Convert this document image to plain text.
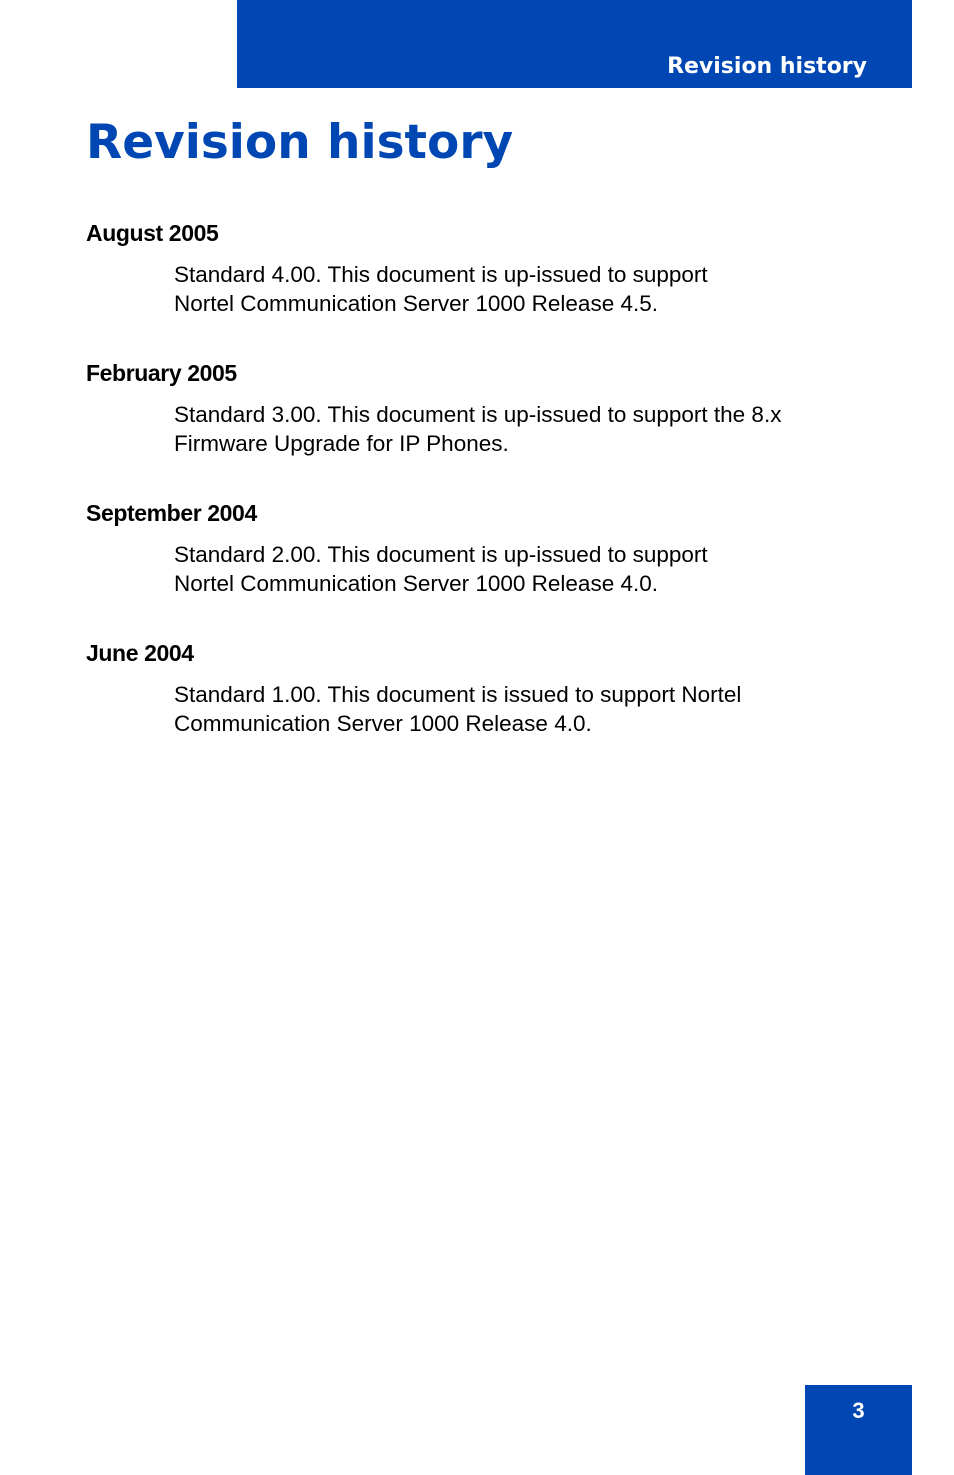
Revision history
Revision history
August 2005

Standard 4.00. This document is up-issued to support
Nortel Communication Server 1000 Release 4.5.

February 2005

Standard 3.00. This document is up-issued to support the 8.x
Firmware Upgrade for IP Phones.

September 2004

Standard 2.00. This document is up-issued to support
Nortel Communication Server 1000 Release 4.0.

June 2004

Standard 1.00. This document is issued to support Nortel
Communication Server 1000 Release 4.0.

3
